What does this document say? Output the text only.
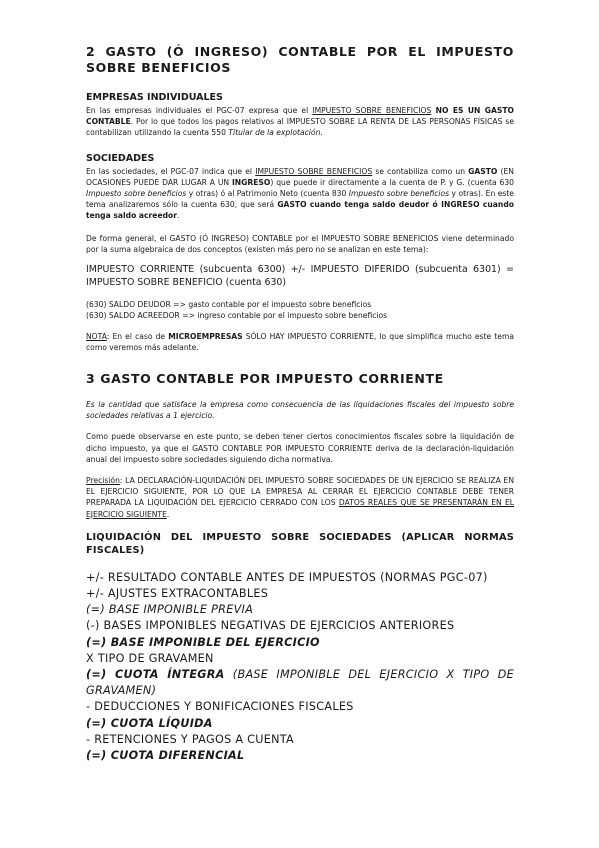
2 GASTO (Ó INGRESO) CONTABLE POR EL IMPUESTO SOBRE BENEFICIOS
EMPRESAS INDIVIDUALES

En las empresas individuales el PGC-07 expresa que el IMPUESTO SOBRE BENEFICIOS NO ES UN GASTO CONTABLE. Por lo que todos los pagos relativos al IMPUESTO SOBRE LA RENTA DE LAS PERSONAS FÍSICAS se contabilizan utilizando la cuenta 550 Titular de la explotación.

SOCIEDADES

En las sociedades, el PGC-07 indica que el IMPUESTO SOBRE BENEFICIOS se contabiliza como un GASTO (EN OCASIONES PUEDE DAR LUGAR A UN INGRESO) que puede ir directamente a la cuenta de P. y G. (cuenta 630 Impuesto sobre beneficios y otras) ó al Patrimonio Neto (cuenta 830 Impuesto sobre beneficios y otras). En este tema analizaremos sólo la cuenta 630, que será GASTO cuando tenga saldo deudor ó INGRESO cuando tenga saldo acreedor.

De forma general, el GASTO (Ó INGRESO) CONTABLE por el IMPUESTO SOBRE BENEFICIOS viene determinado por la suma algebraica de dos conceptos (existen más pero no se analizan en este tema):

IMPUESTO CORRIENTE (subcuenta 6300) +/- IMPUESTO DIFERIDO (subcuenta 6301) = IMPUESTO SOBRE BENEFICIO (cuenta 630)

(630) SALDO DEUDOR => gasto contable por el impuesto sobre beneficios

(630) SALDO ACREEDOR => ingreso contable por el impuesto sobre beneficios

NOTA: En el caso de MICROEMPRESAS SÓLO HAY IMPUESTO CORRIENTE, lo que simplifica mucho este tema como veremos más adelante.

3 GASTO CONTABLE POR IMPUESTO CORRIENTE

Es la cantidad que satisface la empresa como consecuencia de las liquidaciones fiscales del impuesto sobre sociedades relativas a 1 ejercicio.

Como puede observarse en este punto, se deben tener ciertos conocimientos fiscales sobre la liquidación de dicho impuesto, ya que el GASTO CONTABLE POR IMPUESTO CORRIENTE deriva de la declaración-liquidación anual del impuesto sobre sociedades siguiendo dicha normativa.

Precisión: LA DECLARACIÓN-LIQUIDACIÓN DEL IMPUESTO SOBRE SOCIEDADES DE UN EJERCICIO SE REALIZA EN EL EJERCICIO SIGUIENTE, POR LO QUE LA EMPRESA AL CERRAR EL EJERCICIO CONTABLE DEBE TENER PREPARADA LA LIQUIDACIÓN DEL EJERCICIO CERRADO CON LOS DATOS REALES QUE SE PRESENTARÁN EN EL EJERCICIO SIGUIENTE.

LIQUIDACIÓN DEL IMPUESTO SOBRE SOCIEDADES (APLICAR NORMAS FISCALES)

+/- RESULTADO CONTABLE ANTES DE IMPUESTOS (NORMAS PGC-07)

+/- AJUSTES EXTRACONTABLES

(=) BASE IMPONIBLE PREVIA

(-) BASES IMPONIBLES NEGATIVAS DE EJERCICIOS ANTERIORES

(=) BASE IMPONIBLE DEL EJERCICIO

X TIPO DE GRAVAMEN

(=) CUOTA ÍNTEGRA (BASE IMPONIBLE DEL EJERCICIO X TIPO DE GRAVAMEN)

- DEDUCCIONES Y BONIFICACIONES FISCALES

(=) CUOTA LÍQUIDA

- RETENCIONES Y PAGOS A CUENTA

(=) CUOTA DIFERENCIAL
